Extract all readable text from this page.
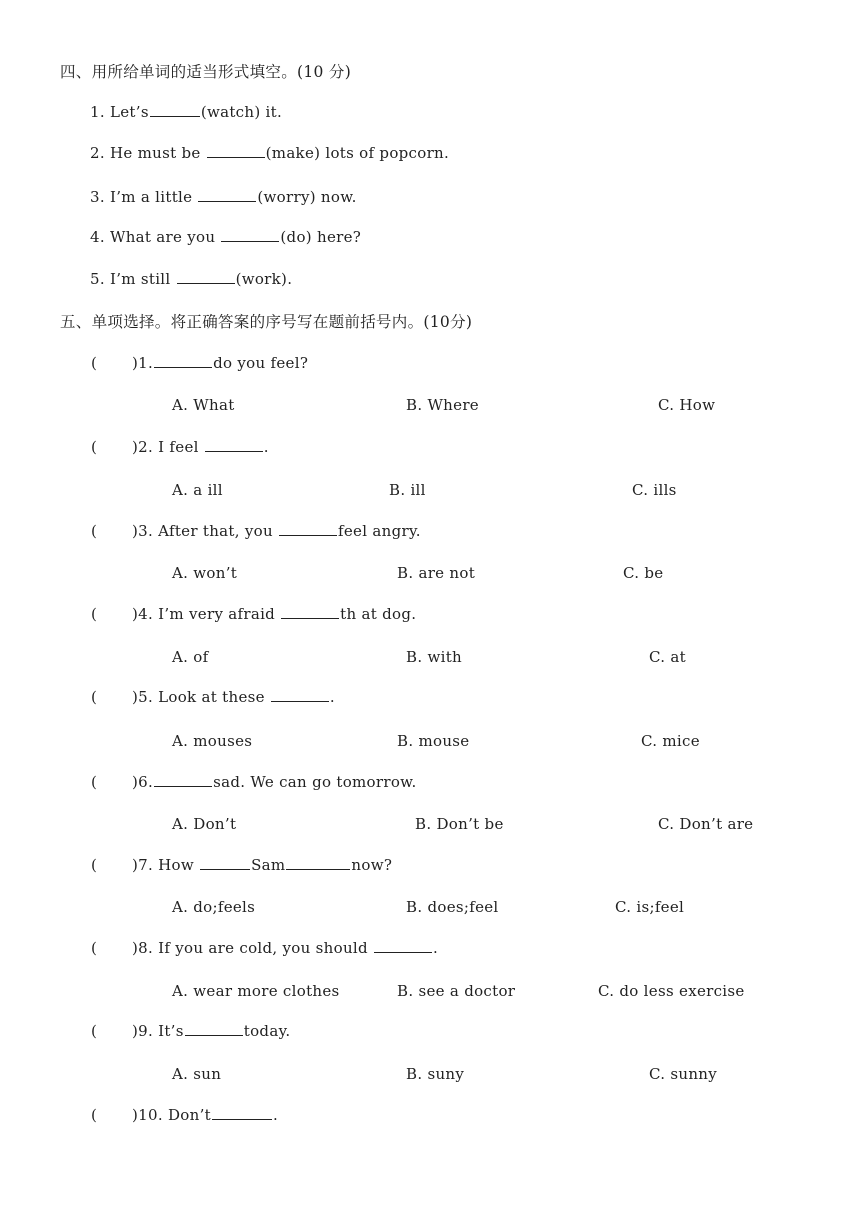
四、用所给单词的适当形式填空。(10 分)
1. Let’s	(watch) it.
2. He must be	(make) lots of popcorn.
3. I’m a little	(worry) now.
4. What are you	(do) here?
5. I’m still	(work).
五、单项选择。将正确答案的序号写在题前括号内。(10分)
( )1.	do you feel?
A. What	B. Where	C. How
( )2. I feel	.
A. a ill	B. ill	C. ills
( )3. After that, you	feel angry.
A. won’t	B. are not	C. be
( )4. I’m very afraid	th at dog.
A. of	B. with	C. at
( )5. Look at these	.
A. mouses	B. mouse	C. mice
( )6.	sad. We can go tomorrow.
A. Don’t	B. Don’t be	C. Don’t are
( )7. How	Sam	now?
A. do;feels	B. does;feel	C. is;feel
( )8. If you are cold, you should	.
A. wear more clothes	B. see a doctor	C. do less exercise
( )9. It’s	today.
A. sun	B. suny	C. sunny
( )10. Don’t	.
